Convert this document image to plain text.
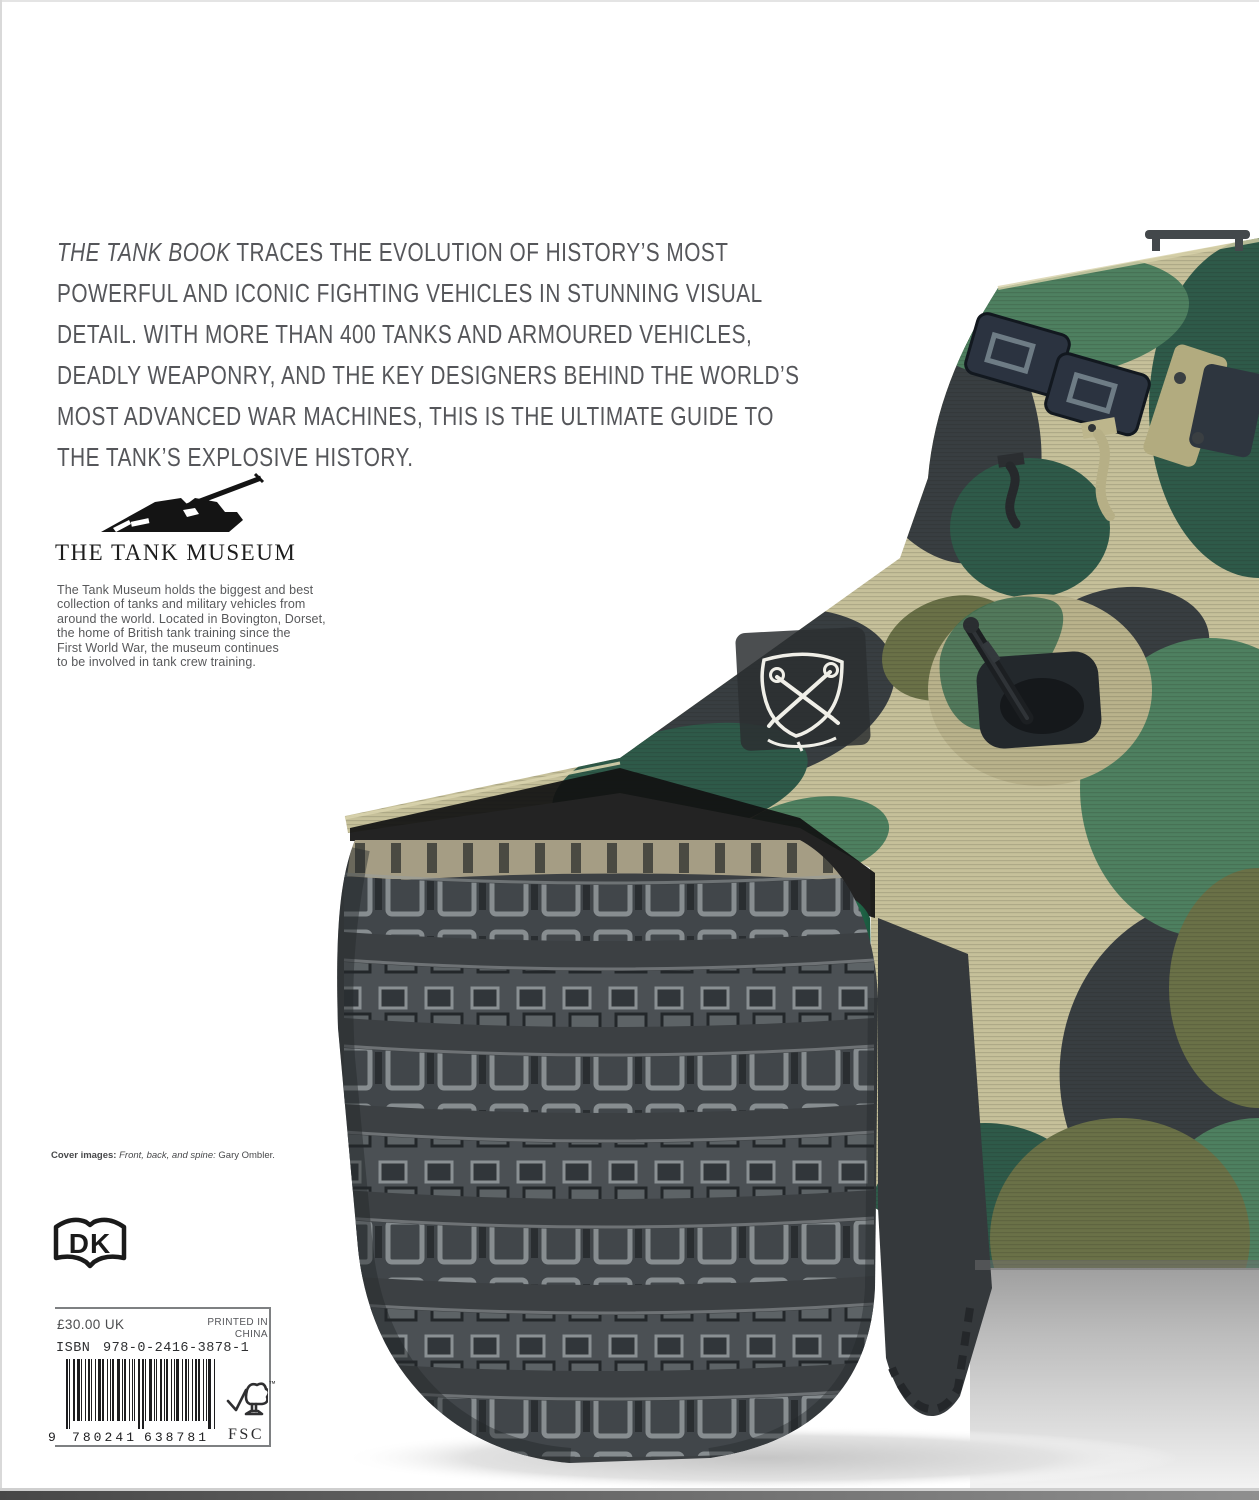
THE TANK BOOK TRACES THE EVOLUTION OF HISTORY’S MOST
POWERFUL AND ICONIC FIGHTING VEHICLES IN STUNNING VISUAL
DETAIL. WITH MORE THAN 400 TANKS AND ARMOURED VEHICLES,
DEADLY WEAPONRY, AND THE KEY DESIGNERS BEHIND THE WORLD’S
MOST ADVANCED WAR MACHINES, THIS IS THE ULTIMATE GUIDE TO
THE TANK’S EXPLOSIVE HISTORY.
THE TANK MUSEUM
The Tank Museum holds the biggest and best
collection of tanks and military vehicles from
around the world. Located in Bovington, Dorset,
the home of British tank training since the
First World War, the museum continues
to be involved in tank crew training.
Cover images: Front, back, and spine: Gary Ombler.
DK
£30.00 UK	PRINTED IN
CHINA
ISBN 978-0-2416-3878-1
9 780241 638781
™
FSC
